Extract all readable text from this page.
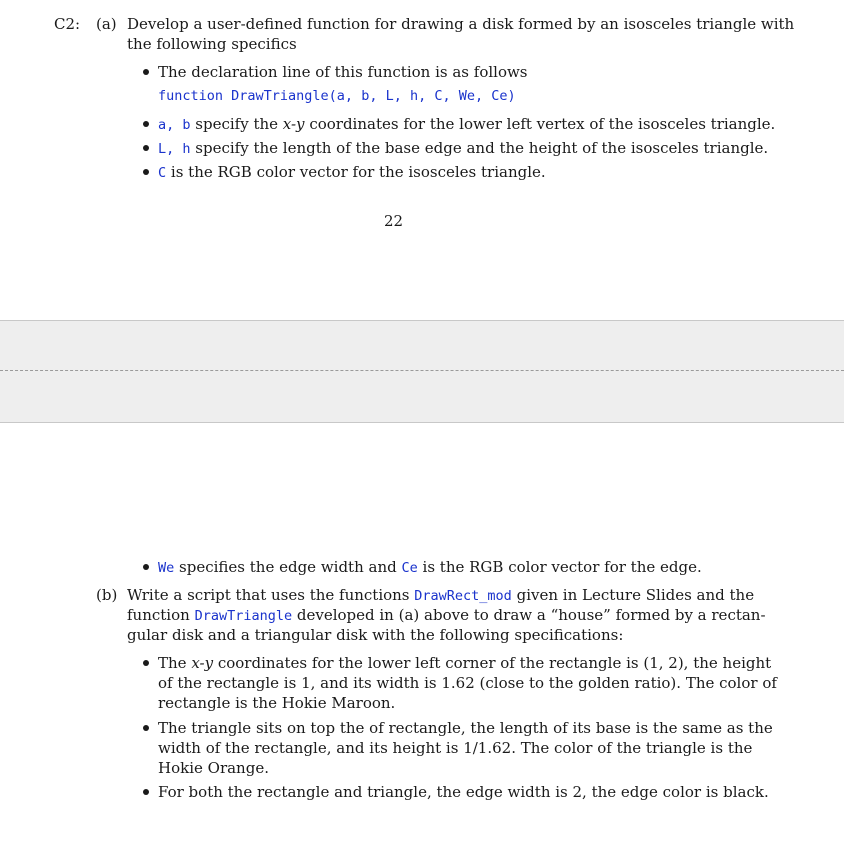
C2: (a) Develop a user-defined function for drawing a disk formed by an isosceles triangle with
the following specifics
The declaration line of this function is as follows
function DrawTriangle(a, b, L, h, C, We, Ce)
a, b specify the x-y coordinates for the lower left vertex of the isosceles triangle.
L, h specify the length of the base edge and the height of the isosceles triangle.
C is the RGB color vector for the isosceles triangle.
22
We specifies the edge width and Ce is the RGB color vector for the edge.
(b) Write a script that uses the functions DrawRect_mod given in Lecture Slides and the
function DrawTriangle developed in (a) above to draw a “house” formed by a rectan-
gular disk and a triangular disk with the following specifications:
The x-y coordinates for the lower left corner of the rectangle is (1, 2), the height
of the rectangle is 1, and its width is 1.62 (close to the golden ratio). The color of
rectangle is the Hokie Maroon.
The triangle sits on top the of rectangle, the length of its base is the same as the
width of the rectangle, and its height is 1/1.62. The color of the triangle is the
Hokie Orange.
For both the rectangle and triangle, the edge width is 2, the edge color is black.
